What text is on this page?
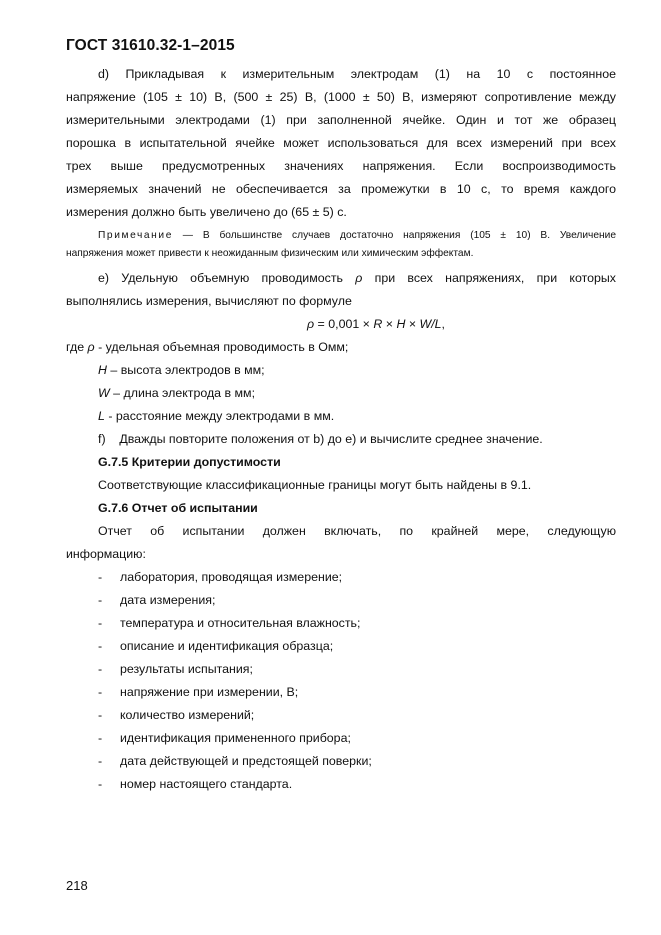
ГОСТ 31610.32-1–2015
d) Прикладывая к измерительным электродам (1) на 10 с постоянное
напряжение (105 ± 10) В, (500 ± 25) В, (1000 ± 50) В, измеряют сопротивление между
измерительными электродами (1) при заполненной ячейке. Один и тот же образец
порошка в испытательной ячейке может использоваться для всех измерений при всех
трех выше предусмотренных значениях напряжения. Если воспроизводимость
измеряемых значений не обеспечивается за промежутки в 10 с, то время каждого
измерения должно быть увеличено до (65 ± 5) с.
Примечание — В большинстве случаев достаточно напряжения (105 ± 10) В. Увеличение
напряжения может привести к неожиданным физическим или химическим эффектам.
e) Удельную объемную проводимость ρ при всех напряжениях, при которых
выполнялись измерения, вычисляют по формуле
ρ = 0,001 × R × H × W/L,
где ρ - удельная объемная проводимость в Омм;
H – высота электродов в мм;
W – длина электрода в мм;
L - расстояние между электродами в мм.
f)    Дважды повторите положения от b) до e) и вычислите среднее значение.
G.7.5 Критерии допустимости
Соответствующие классификационные границы могут быть найдены в 9.1.
G.7.6 Отчет об испытании
Отчет об испытании должен включать, по крайней мере, следующую
информацию:
- лаборатория, проводящая измерение;
- дата измерения;
- температура и относительная влажность;
- описание и идентификация образца;
- результаты испытания;
- напряжение при измерении, В;
- количество измерений;
- идентификация примененного прибора;
- дата действующей и предстоящей поверки;
- номер настоящего стандарта.
218
